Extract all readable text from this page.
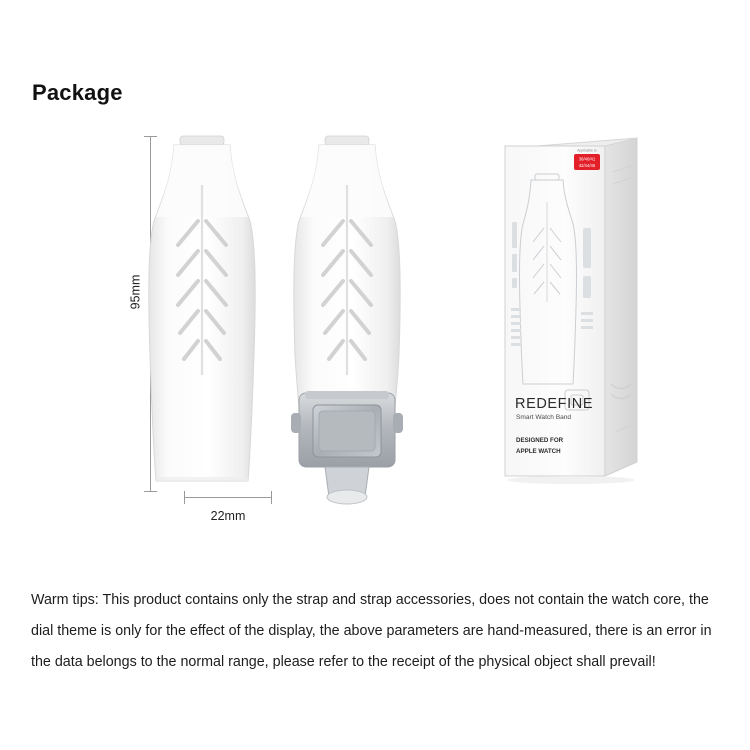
Package
95mm
22mm
38/40/41
42/44/45
Applicable to
REDEFINE
Smart Watch Band
DESIGNED FOR
APPLE WATCH
Warm tips: This product contains only the strap and strap accessories, does not contain the watch core, the dial theme is only for the effect of the display, the above parameters are hand-measured, there is an error in the data belongs to the normal range, please refer to the receipt of the physical object shall prevail!
